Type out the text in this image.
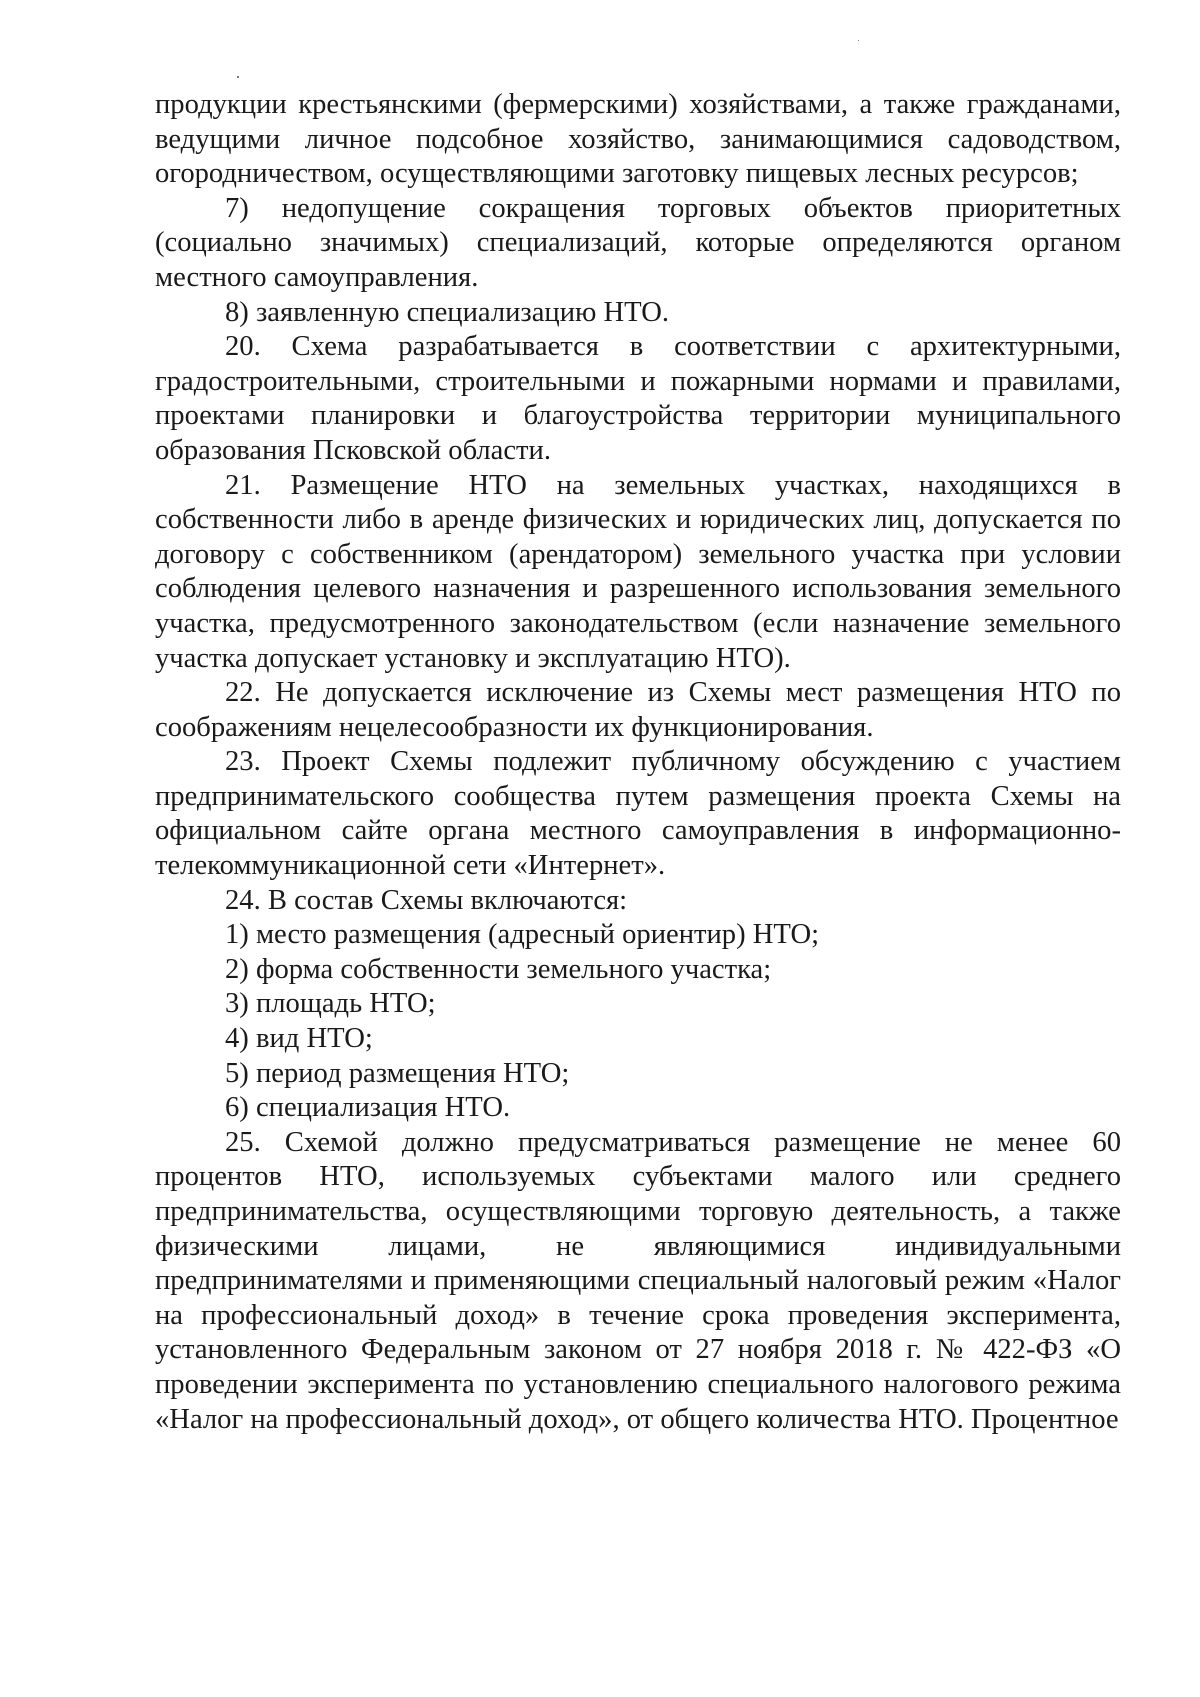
продукции крестьянскими (фермерскими) хозяйствами, а также гражданами, ведущими личное подсобное хозяйство, занимающимися садоводством, огородничеством, осуществляющими заготовку пищевых лесных ресурсов;

7) недопущение сокращения торговых объектов приоритетных (социально значимых) специализаций, которые определяются органом местного самоуправления.

8) заявленную специализацию НТО.

20. Схема разрабатывается в соответствии с архитектурными, градостроительными, строительными и пожарными нормами и правилами, проектами планировки и благоустройства территории муниципального образования Псковской области.

21. Размещение НТО на земельных участках, находящихся в собственности либо в аренде физических и юридических лиц, допускается по договору с собственником (арендатором) земельного участка при условии соблюдения целевого назначения и разрешенного использования земельного участка, предусмотренного законодательством (если назначение земельного участка допускает установку и эксплуатацию НТО).

22. Не допускается исключение из Схемы мест размещения НТО по соображениям нецелесообразности их функционирования.

23. Проект Схемы подлежит публичному обсуждению с участием предпринимательского сообщества путем размещения проекта Схемы на официальном сайте органа местного самоуправления в информационно-телекоммуникационной сети «Интернет».

24. В состав Схемы включаются:

1) место размещения (адресный ориентир) НТО;

2) форма собственности земельного участка;

3) площадь НТО;

4) вид НТО;

5) период размещения НТО;

6) специализация НТО.

25. Схемой должно предусматриваться размещение не менее 60 процентов НТО, используемых субъектами малого или среднего предпринимательства, осуществляющими торговую деятельность, а также физическими лицами, не являющимися индивидуальными предпринимателями и применяющими специальный налоговый режим «Налог на профессиональный доход» в течение срока проведения эксперимента, установленного Федеральным законом от 27 ноября 2018 г. № 422-ФЗ «О проведении эксперимента по установлению специального налогового режима «Налог на профессиональный доход», от общего количества НТО. Процентное
